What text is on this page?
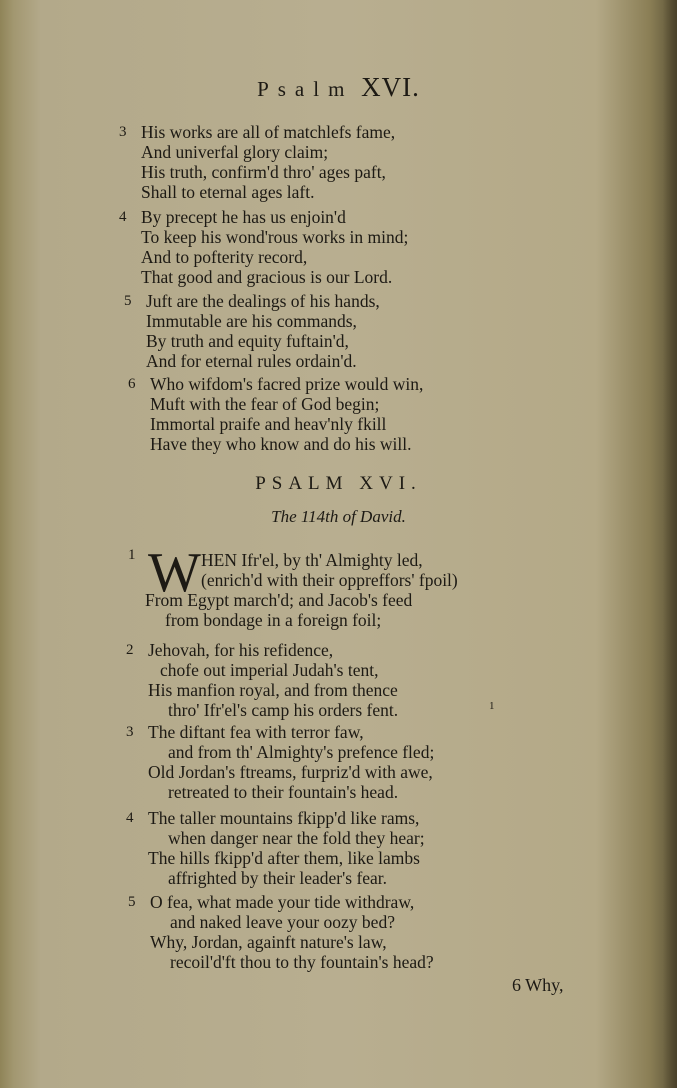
Psalm XVI.
3 His works are all of matchlefs fame,
And univerfal glory claim;
His truth, confirm'd thro' ages paft,
Shall to eternal ages laft.
4 By precept he has us enjoin'd
To keep his wond'rous works in mind;
And to pofterity record,
That good and gracious is our Lord.
5 Juft are the dealings of his hands,
Immutable are his commands,
By truth and equity fuftain'd,
And for eternal rules ordain'd.
6 Who wifdom's facred prize would win,
Muft with the fear of God begin;
Immortal praife and heav'nly fkill
Have they who know and do his will.
PSALM XVI.
The 114th of David.
1 W HEN Ifr'el, by th' Almighty led,
(enrich'd with their oppreffors' fpoil)
From Egypt march'd; and Jacob's feed
from bondage in a foreign foil;
2 Jehovah, for his refidence,
chofe out imperial Judah's tent,
His manfion royal, and from thence
thro' Ifr'el's camp his orders fent.	1
3 The diftant fea with terror faw,
and from th' Almighty's prefence fled;
Old Jordan's ftreams, furpriz'd with awe,
retreated to their fountain's head.
4 The taller mountains fkipp'd like rams,
when danger near the fold they hear;
The hills fkipp'd after them, like lambs
affrighted by their leader's fear.
5 O fea, what made your tide withdraw,
and naked leave your oozy bed?
Why, Jordan, againft nature's law,
recoil'd'ft thou to thy fountain's head?
6 Why,
